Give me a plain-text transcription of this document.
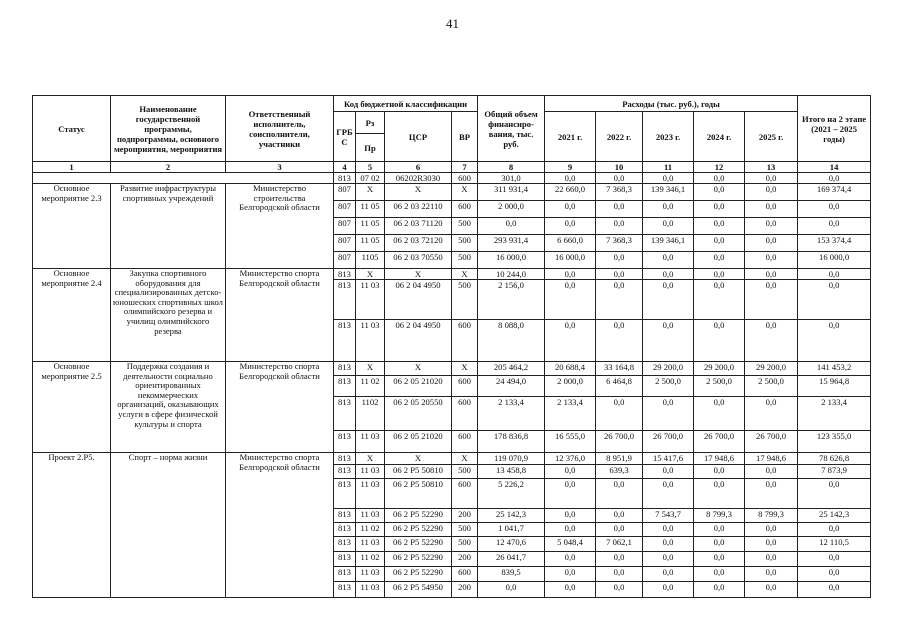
41
Статус	Наименование государственной программы, подпрограммы, основного мероприятия, мероприятия	Ответственный исполнитель, соисполнители, участники	Код бюджетной классификации				Общий объем финансиро-вания, тыс. руб.	Расходы (тыс. руб.), годы					Итого на 2 этапе (2021 – 2025 годы)
			ГРБ С	Рз	ЦСР	ВР		2021 г.	2022 г.	2023 г.	2024 г.	2025 г.	
				Пр									
1	2	3	4	5	6	7	8	9	10	11	12	13	14
			813	07 02	06202R3030	600	301,0	0,0	0,0	0,0	0,0	0,0	0,0
Основное мероприятие 2.3	Развитие инфраструктуры спортивных учреждений	Министерство строительства Белгородской области	807	X	X	X	311 931,4	22 660,0	7 368,3	139 346,1	0,0	0,0	169 374,4
			807	11 05	06 2 03 22110	600	2 000,0	0,0	0,0	0,0	0,0	0,0	0,0
			807	11 05	06 2 03 71120	500	0,0	0,0	0,0	0,0	0,0	0,0	0,0
			807	11 05	06 2 03 72120	500	293 931,4	6 660,0	7 368,3	139 346,1	0,0	0,0	153 374,4
			807	1105	06 2 03 70550	500	16 000,0	16 000,0	0,0	0,0	0,0	0,0	16 000,0
Основное мероприятие 2.4	Закупка спортивного оборудования для специализированных детско-юношеских спортивных школ олимпийского резерва и училищ олимпийского резерва	Министерство спорта Белгородской области	813	X	X	X	10 244,0	0,0	0,0	0,0	0,0	0,0	0,0
			813	11 03	06 2 04 4950	500	2 156,0	0,0	0,0	0,0	0,0	0,0	0,0
			813	11 03	06 2 04 4950	600	8 088,0	0,0	0,0	0,0	0,0	0,0	0,0
Основное мероприятие 2.5	Поддержка создания и деятельности социально ориентированных некоммерческих организаций, оказывающих услуги в сфере физической культуры и спорта	Министерство спорта Белгородской области	813	X	X	X	205 464,2	20 688,4	33 164,8	29 200,0	29 200,0	29 200,0	141 453,2
			813	11 02	06 2 05 21020	600	24 494,0	2 000,0	6 464,8	2 500,0	2 500,0	2 500,0	15 964,8
			813	1102	06 2 05 20550	600	2 133,4	2 133,4	0,0	0,0	0,0	0,0	2 133,4
			813	11 03	06 2 05 21020	600	178 836,8	16 555,0	26 700,0	26 700,0	26 700,0	26 700,0	123 355,0
Проект 2.Р5.	Спорт – норма жизни	Министерство спорта Белгородской области	813	X	X	X	119 070,9	12 376,0	8 951,9	15 417,6	17 948,6	17 948,6	78 626,8
			813	11 03	06 2 P5 50810	500	13 458,8	0,0	639,3	0,0	0,0	0,0	7 873,9
			813	11 03	06 2 P5 50810	600	5 226,2	0,0	0,0	0,0	0,0	0,0	0,0
			813	11 03	06 2 P5 52290	200	25 142,3	0,0	0,0	7 543,7	8 799,3	8 799,3	25 142,3
			813	11 02	06 2 P5 52290	500	1 041,7	0,0	0,0	0,0	0,0	0,0	0,0
			813	11 03	06 2 P5 52290	500	12 470,6	5 048,4	7 062,1	0,0	0,0	0,0	12 110,5
			813	11 02	06 2 P5 52290	200	26 041,7	0,0	0,0	0,0	0,0	0,0	0,0
			813	11 03	06 2 P5 52290	600	839,5	0,0	0,0	0,0	0,0	0,0	0,0
			813	11 03	06 2 P5 54950	200	0,0	0,0	0,0	0,0	0,0	0,0	0,0
